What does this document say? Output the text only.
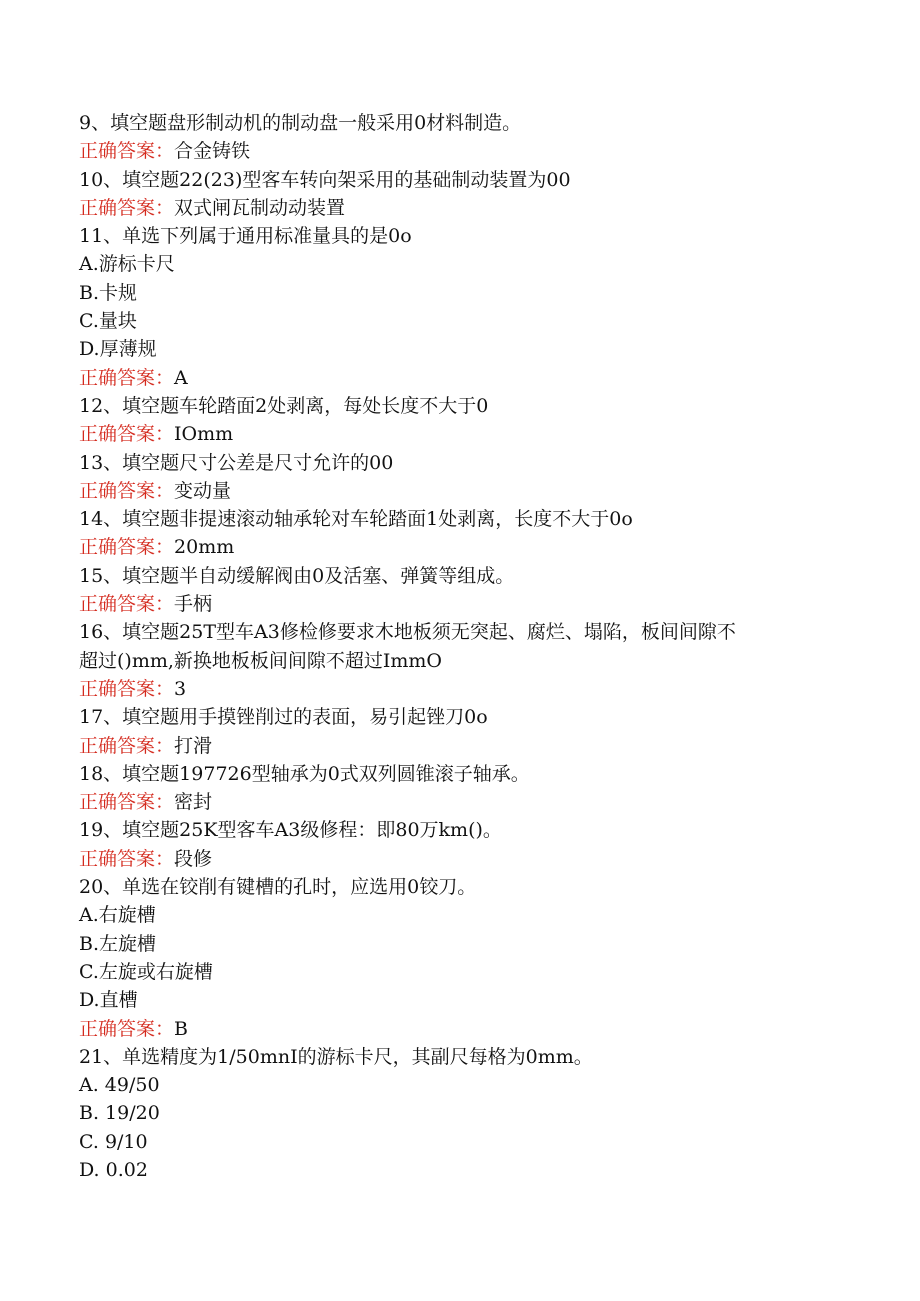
9、填空题盘形制动机的制动盘一般采用0材料制造。
正确答案：合金铸铁
10、填空题22(23)型客车转向架采用的基础制动装置为00
正确答案：双式闸瓦制动动装置
11、单选下列属于通用标准量具的是0o
A.游标卡尺
B.卡规
C.量块
D.厚薄规
正确答案：A
12、填空题车轮踏面2处剥离，每处长度不大于0
正确答案：IOmm
13、填空题尺寸公差是尺寸允许的00
正确答案：变动量
14、填空题非提速滚动轴承轮对车轮踏面1处剥离，长度不大于0o
正确答案：20mm
15、填空题半自动缓解阀由0及活塞、弹簧等组成。
正确答案：手柄
16、填空题25T型车A3修检修要求木地板须无突起、腐烂、塌陷，板间间隙不
超过()mm,新换地板板间间隙不超过ImmO
正确答案：3
17、填空题用手摸锉削过的表面，易引起锉刀0o
正确答案：打滑
18、填空题197726型轴承为0式双列圆锥滚子轴承。
正确答案：密封
19、填空题25K型客车A3级修程：即80万km()。
正确答案：段修
20、单选在铰削有键槽的孔时，应选用0铰刀。
A.右旋槽
B.左旋槽
C.左旋或右旋槽
D.直槽
正确答案：B
21、单选精度为1/50mnI的游标卡尺，其副尺每格为0mm。
A. 49/50
B. 19/20
C. 9/10
D. 0.02
